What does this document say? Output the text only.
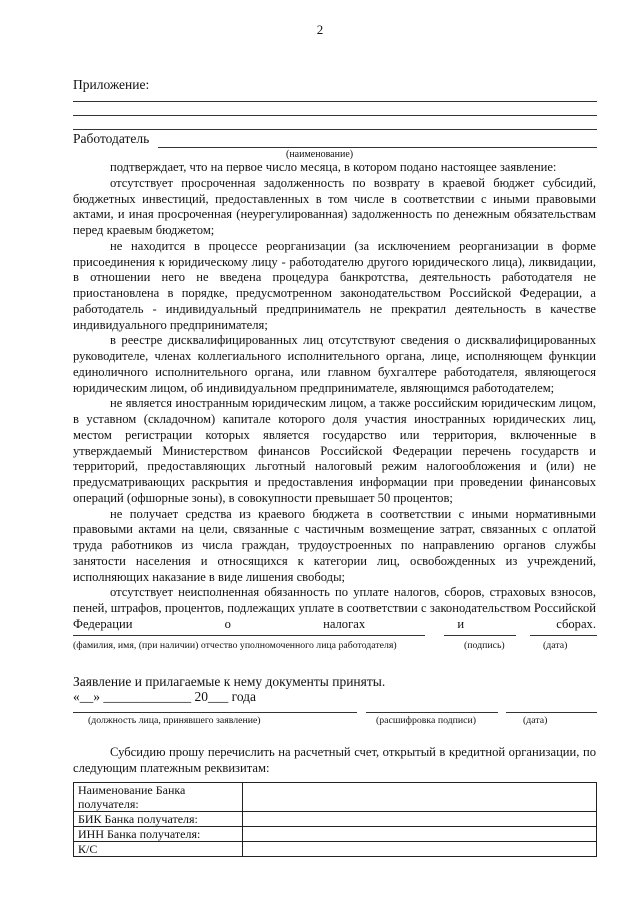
2
Приложение:
Работодатель
(наименование)

подтверждает, что на первое число месяца, в котором подано настоящее заявление:

отсутствует просроченная задолженность по возврату в краевой бюджет субсидий, бюджетных инвестиций, предоставленных в том числе в соответствии с иными правовыми актами, и иная просроченная (неурегулированная) задолженность по денежным обязательствам перед краевым бюджетом;

не находится в процессе реорганизации (за исключением реорганизации в форме присоединения к юридическому лицу - работодателю другого юридического лица), ликвидации, в отношении него не введена процедура банкротства, деятельность работодателя не приостановлена в порядке, предусмотренном законодательством Российской Федерации, а работодатель - индивидуальный предприниматель не прекратил деятельность в качестве индивидуального предпринимателя;

в реестре дисквалифицированных лиц отсутствуют сведения о дисквалифицированных руководителе, членах коллегиального исполнительного органа, лице, исполняющем функции единоличного исполнительного органа, или главном бухгалтере работодателя, являющегося юридическим лицом, об индивидуальном предпринимателе, являющимся работодателем;

не является иностранным юридическим лицом, а также российским юридическим лицом, в уставном (складочном) капитале которого доля участия иностранных юридических лиц, местом регистрации которых является государство или территория, включенные в утверждаемый Министерством финансов Российской Федерации перечень государств и территорий, предоставляющих льготный налоговый режим налогообложения и (или) не предусматривающих раскрытия и предоставления информации при проведении финансовых операций (офшорные зоны), в совокупности превышает 50 процентов;

не получает средства из краевого бюджета в соответствии с иными нормативными правовыми актами на цели, связанные с частичным возмещение затрат, связанных с оплатой труда работников из числа граждан, трудоустроенных по направлению органов службы занятости населения и относящихся к категории лиц, освобожденных из учреждений, исполняющих наказание в виде лишения свободы;

отсутствует неисполненная обязанность по уплате налогов, сборов, страховых взносов, пеней, штрафов, процентов, подлежащих уплате в соответствии с законодательством Российской Федерации о налогах и сборах.

(фамилия, имя, (при наличии) отчество уполномоченного лица работодателя)	(подпись)	(дата)
Заявление и прилагаемые к нему документы приняты.
«__» _____________ 20___ года
(должность лица, принявшего заявление)	(расшифровка подписи)	(дата)

Субсидию прошу перечислить на расчетный счет, открытый в кредитной организации, по следующим платежным реквизитам:

Наименование Банка получателя:	
БИК Банка получателя:	
ИНН Банка получателя:	
К/С	
